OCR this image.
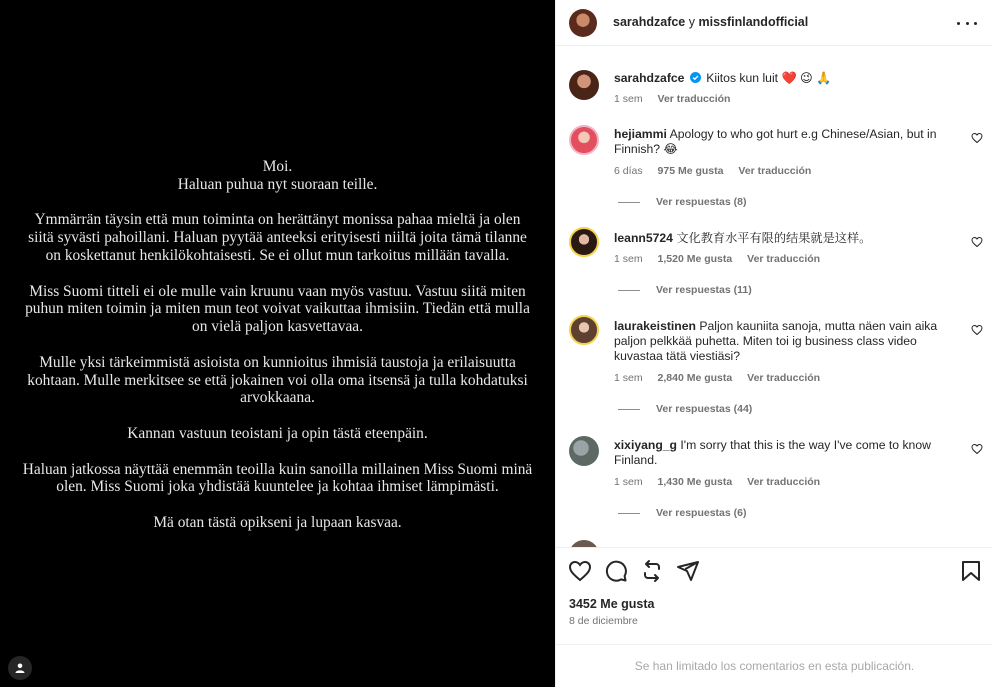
Moi.
Haluan puhua nyt suoraan teille.

Ymmärrän täysin että mun toiminta on herättänyt monissa pahaa mieltä ja olen siitä syvästi pahoillani. Haluan pyytää anteeksi erityisesti niiltä joita tämä tilanne on koskettanut henkilökohtaisesti. Se ei ollut mun tarkoitus millään tavalla.

Miss Suomi titteli ei ole mulle vain kruunu vaan myös vastuu. Vastuu siitä miten puhun miten toimin ja miten mun teot voivat vaikuttaa ihmisiin. Tiedän että mulla on vielä paljon kasvettavaa.

Mulle yksi tärkeimmistä asioista on kunnioitus ihmisiä taustoja ja erilaisuutta kohtaan. Mulle merkitsee se että jokainen voi olla oma itsensä ja tulla kohdatuksi arvokkaana.

Kannan vastuun teoistani ja opin tästä eteenpäin.

Haluan jatkossa näyttää enemmän teoilla kuin sanoilla millainen Miss Suomi minä olen. Miss Suomi joka yhdistää kuuntelee ja kohtaa ihmiset lämpimästi.

Mä otan tästä opikseni ja lupaan kasvaa.

sarahdzafce y missfinlandofficial
sarahdzafce Kiitos kun luit ❤️ 😉 🙏
1 sem Ver traducción
hejiammi Apology to who got hurt e.g Chinese/Asian, but in Finnish? 😂
6 días 975 Me gusta Ver traducción
Ver respuestas (8)
leann5724 文化教育水平有限的结果就是这样。
1 sem 1,520 Me gusta Ver traducción
Ver respuestas (11)
laurakeistinen Paljon kauniita sanoja, mutta näen vain aika paljon pelkkää puhetta. Miten toi ig business class video kuvastaa tätä viestiäsi?
1 sem 2,840 Me gusta Ver traducción
Ver respuestas (44)
xixiyang_g I'm sorry that this is the way I've come to know Finland.
1 sem 1,430 Me gusta Ver traducción
Ver respuestas (6)
3452 Me gusta
8 de diciembre
Se han limitado los comentarios en esta publicación.
